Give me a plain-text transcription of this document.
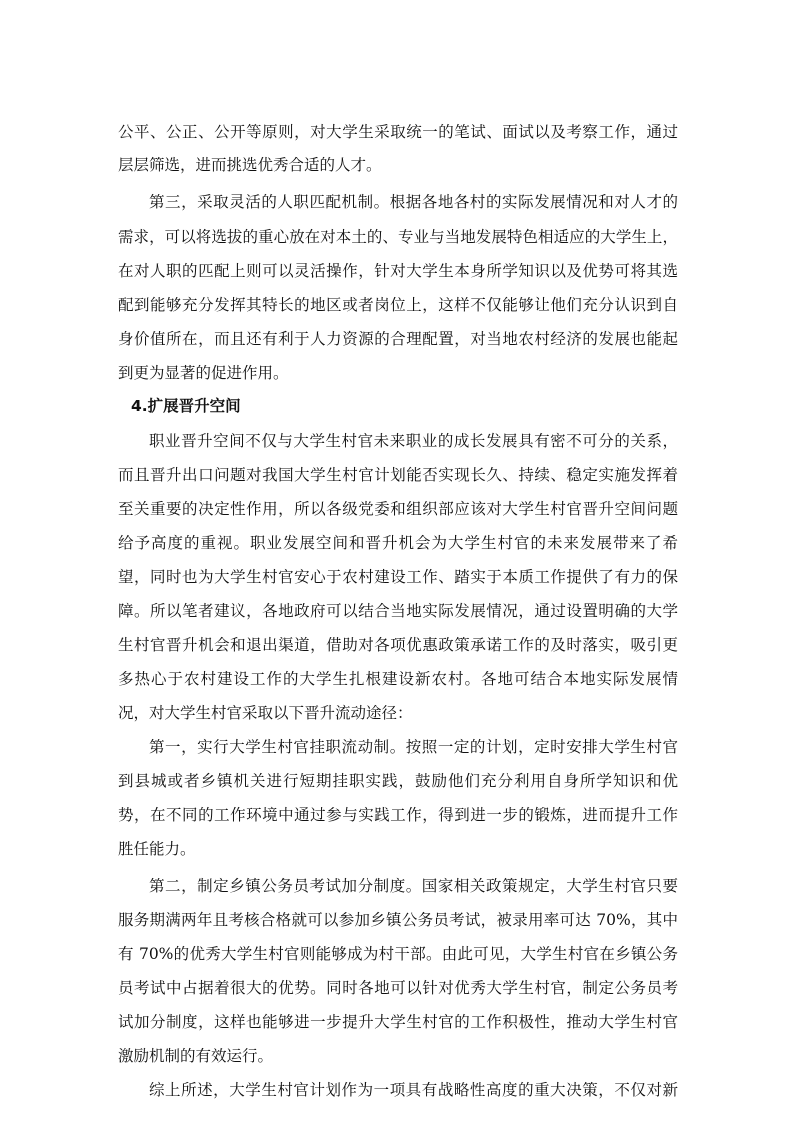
公平、公正、公开等原则，对大学生采取统一的笔试、面试以及考察工作，通过
层层筛选，进而挑选优秀合适的人才。
第三，采取灵活的人职匹配机制。根据各地各村的实际发展情况和对人才的
需求，可以将选拔的重心放在对本土的、专业与当地发展特色相适应的大学生上，
在对人职的匹配上则可以灵活操作，针对大学生本身所学知识以及优势可将其选
配到能够充分发挥其特长的地区或者岗位上，这样不仅能够让他们充分认识到自
身价值所在，而且还有利于人力资源的合理配置，对当地农村经济的发展也能起
到更为显著的促进作用。
4.扩展晋升空间
职业晋升空间不仅与大学生村官未来职业的成长发展具有密不可分的关系，
而且晋升出口问题对我国大学生村官计划能否实现长久、持续、稳定实施发挥着
至关重要的决定性作用，所以各级党委和组织部应该对大学生村官晋升空间问题
给予高度的重视。职业发展空间和晋升机会为大学生村官的未来发展带来了希
望，同时也为大学生村官安心于农村建设工作、踏实于本质工作提供了有力的保
障。所以笔者建议，各地政府可以结合当地实际发展情况，通过设置明确的大学
生村官晋升机会和退出渠道，借助对各项优惠政策承诺工作的及时落实，吸引更
多热心于农村建设工作的大学生扎根建设新农村。各地可结合本地实际发展情
况，对大学生村官采取以下晋升流动途径：
第一，实行大学生村官挂职流动制。按照一定的计划，定时安排大学生村官
到县城或者乡镇机关进行短期挂职实践，鼓励他们充分利用自身所学知识和优
势，在不同的工作环境中通过参与实践工作，得到进一步的锻炼，进而提升工作
胜任能力。
第二，制定乡镇公务员考试加分制度。国家相关政策规定，大学生村官只要
服务期满两年且考核合格就可以参加乡镇公务员考试，被录用率可达 70%，其中
有 70%的优秀大学生村官则能够成为村干部。由此可见，大学生村官在乡镇公务
员考试中占据着很大的优势。同时各地可以针对优秀大学生村官，制定公务员考
试加分制度，这样也能够进一步提升大学生村官的工作积极性，推动大学生村官
激励机制的有效运行。
综上所述，大学生村官计划作为一项具有战略性高度的重大决策，不仅对新
